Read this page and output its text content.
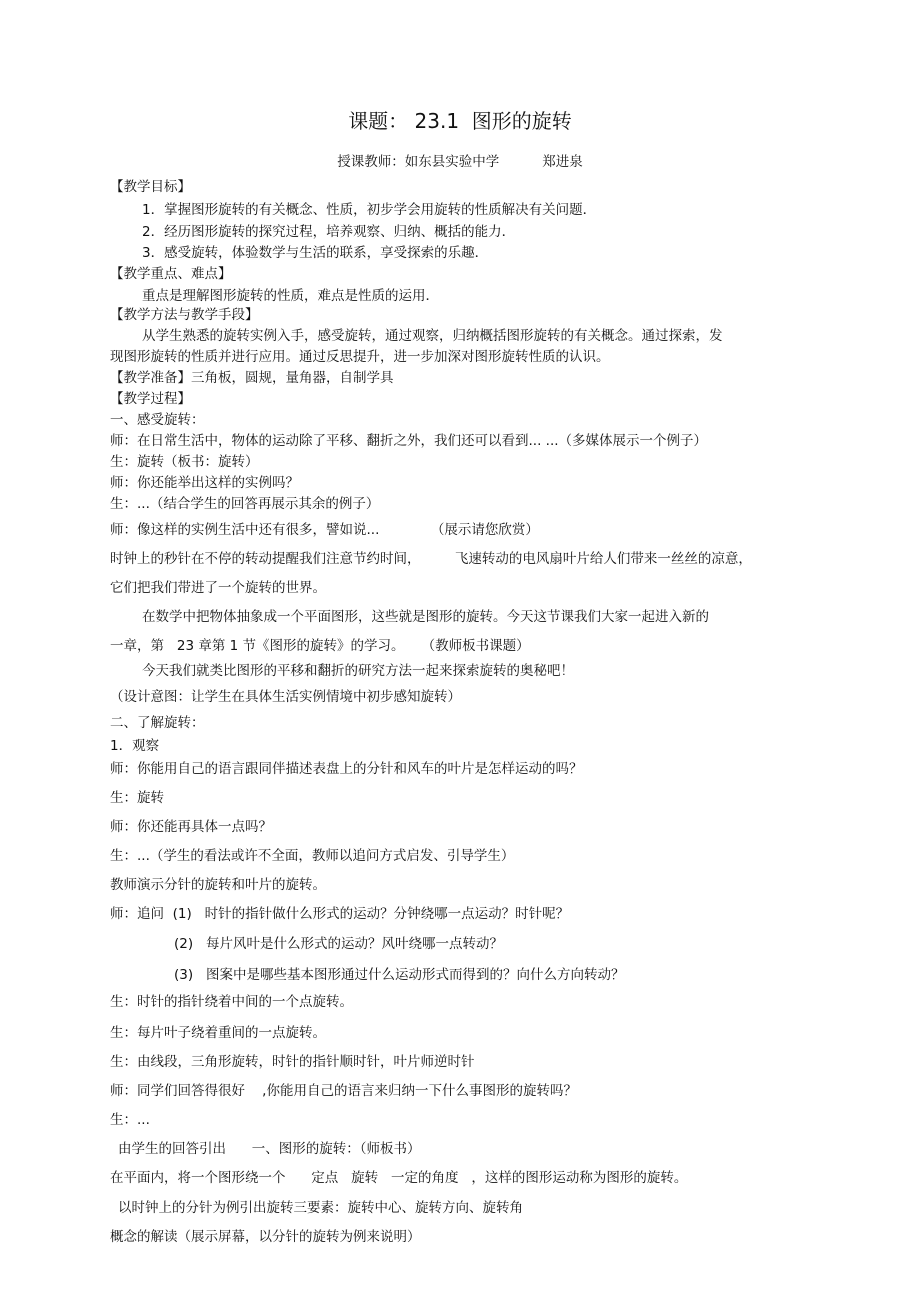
课题： 23.1  图形的旋转
授课教师：如东县实验中学          郑进泉
【教学目标】
1．掌握图形旋转的有关概念、性质，初步学会用旋转的性质解决有关问题．
2．经历图形旋转的探究过程，培养观察、归纳、概括的能力．
3．感受旋转，体验数学与生活的联系，享受探索的乐趣．
【教学重点、难点】
重点是理解图形旋转的性质，难点是性质的运用．
【教学方法与教学手段】
从学生熟悉的旋转实例入手，感受旋转，通过观察，归纳概括图形旋转的有关概念。通过探索，发
现图形旋转的性质并进行应用。通过反思提升，进一步加深对图形旋转性质的认识。
【教学准备】三角板，圆规，量角器，自制学具
【教学过程】
一、感受旋转：
师：在日常生活中，物体的运动除了平移、翻折之外，我们还可以看到... ...（多媒体展示一个例子）
生：旋转（板书：旋转）
师：你还能举出这样的实例吗？
生：...（结合学生的回答再展示其余的例子）
师：像这样的实例生活中还有很多，譬如说...            （展示请您欣赏）
时钟上的秒针在不停的转动提醒我们注意节约时间，        飞速转动的电风扇叶片给人们带来一丝丝的凉意，
它们把我们带进了一个旋转的世界。
在数学中把物体抽象成一个平面图形，这些就是图形的旋转。今天这节课我们大家一起进入新的
一章，第   23 章第 1 节《图形的旋转》的学习。    （教师板书课题）
今天我们就类比图形的平移和翻折的研究方法一起来探索旋转的奥秘吧！
（设计意图：让学生在具体生活实例情境中初步感知旋转）
二、了解旋转：
1．观察
师：你能用自己的语言跟同伴描述表盘上的分针和风车的叶片是怎样运动的吗？
生：旋转
师：你还能再具体一点吗？
生：...（学生的看法或许不全面，教师以追问方式启发、引导学生）
教师演示分针的旋转和叶片的旋转。
师：追问  (1)   时针的指针做什么形式的运动？分钟绕哪一点运动？时针呢？
(2)   每片风叶是什么形式的运动？风叶绕哪一点转动？
(3)   图案中是哪些基本图形通过什么运动形式而得到的？向什么方向转动？
生：时针的指针绕着中间的一个点旋转。
生：每片叶子绕着重间的一点旋转。
生：由线段，三角形旋转，时针的指针顺时针，叶片师逆时针
师：同学们回答得很好    ,你能用自己的语言来归纳一下什么事图形的旋转吗？
生：...
由学生的回答引出      一、图形的旋转：（师板书）
在平面内，将一个图形绕一个      定点   旋转   一定的角度   ，这样的图形运动称为图形的旋转。
以时钟上的分针为例引出旋转三要素：旋转中心、旋转方向、旋转角
概念的解读（展示屏幕，以分针的旋转为例来说明）
